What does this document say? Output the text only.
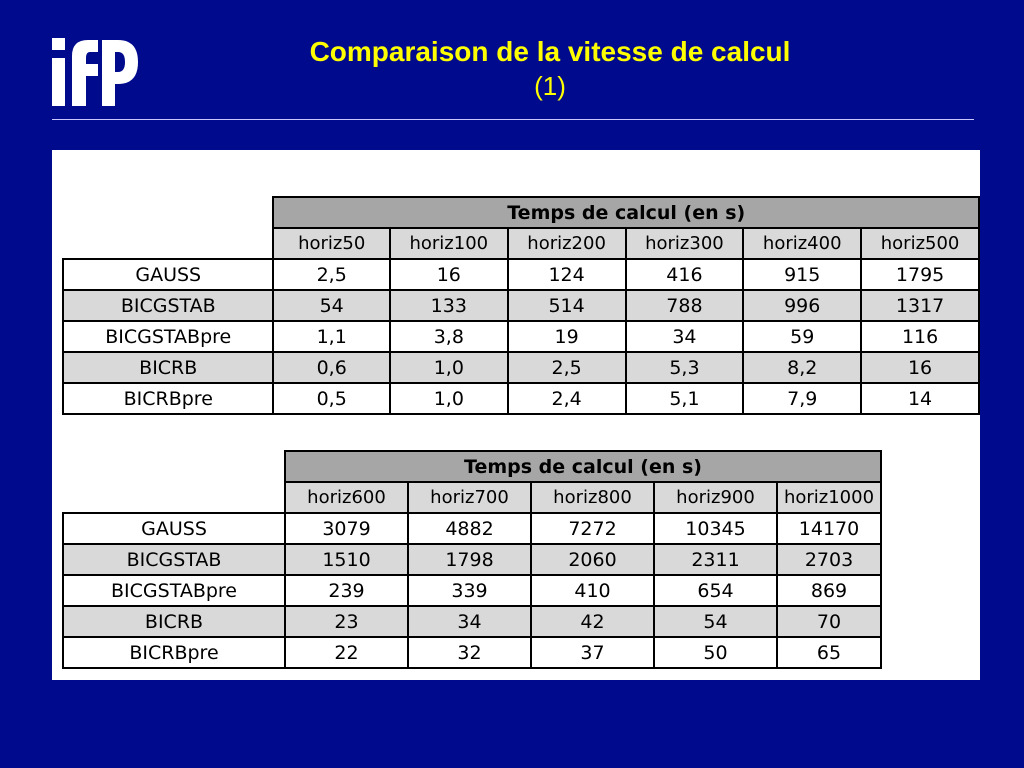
Comparaison de la vitesse de calcul
(1)
	Temps de calcul (en s)					
	horiz50	horiz100	horiz200	horiz300	horiz400	horiz500
GAUSS	2,5	16	124	416	915	1795
BICGSTAB	54	133	514	788	996	1317
BICGSTABpre	1,1	3,8	19	34	59	116
BICRB	0,6	1,0	2,5	5,3	8,2	16
BICRBpre	0,5	1,0	2,4	5,1	7,9	14
	Temps de calcul (en s)				
	horiz600	horiz700	horiz800	horiz900	horiz1000
GAUSS	3079	4882	7272	10345	14170
BICGSTAB	1510	1798	2060	2311	2703
BICGSTABpre	239	339	410	654	869
BICRB	23	34	42	54	70
BICRBpre	22	32	37	50	65
